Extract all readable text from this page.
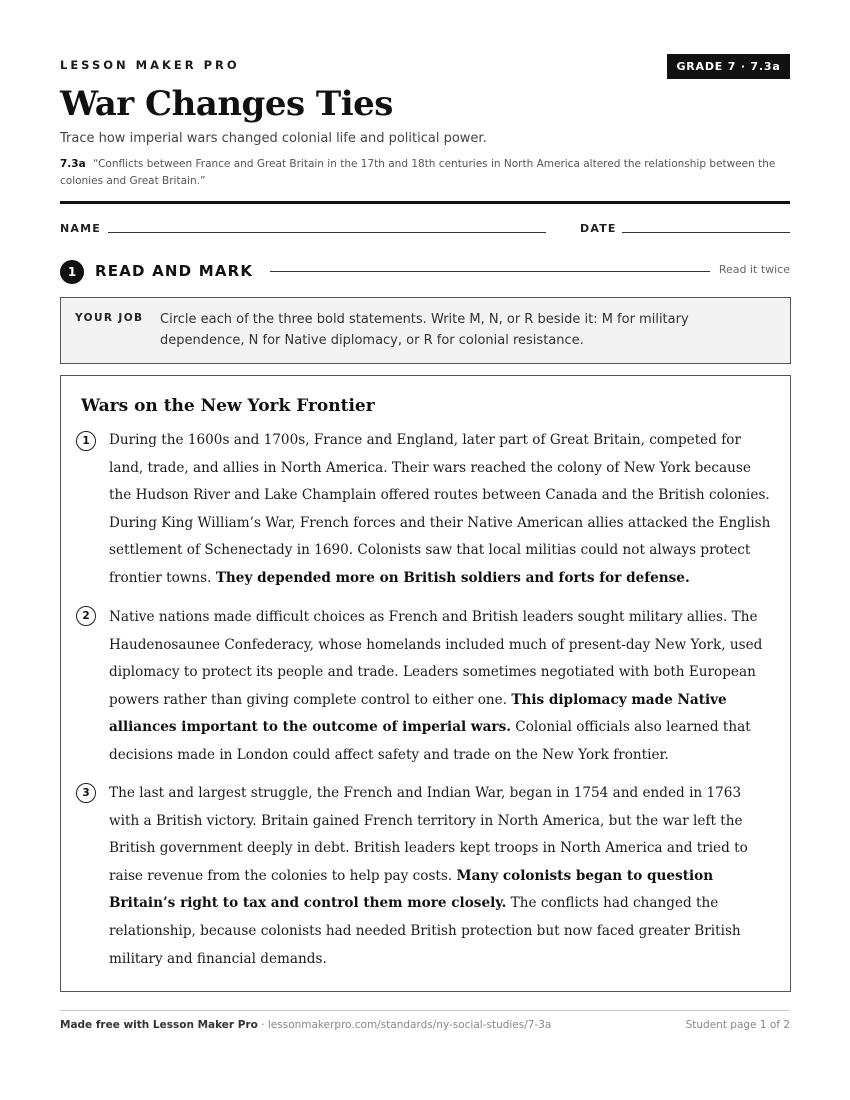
LESSON MAKER PRO	GRADE 7 · 7.3a
War Changes Ties

Trace how imperial wars changed colonial life and political power.

7.3a “Conflicts between France and Great Britain in the 17th and 18th centuries in North America altered the relationship between the colonies and Great Britain.”

NAME	DATE
1	READ AND MARK	Read it twice
YOUR JOB Circle each of the three bold statements. Write M, N, or R beside it: M for military dependence, N for Native diplomacy, or R for colonial resistance.
Wars on the New York Frontier
1	During the 1600s and 1700s, France and England, later part of Great Britain, competed for land, trade, and allies in North America. Their wars reached the colony of New York because the Hudson River and Lake Champlain offered routes between Canada and the British colonies. During King William’s War, French forces and their Native American allies attacked the English settlement of Schenectady in 1690. Colonists saw that local militias could not always protect frontier towns. They depended more on British soldiers and forts for defense.

2	Native nations made difficult choices as French and British leaders sought military allies. The Haudenosaunee Confederacy, whose homelands included much of present-day New York, used diplomacy to protect its people and trade. Leaders sometimes negotiated with both European powers rather than giving complete control to either one. This diplomacy made Native alliances important to the outcome of imperial wars. Colonial officials also learned that decisions made in London could affect safety and trade on the New York frontier.

3	The last and largest struggle, the French and Indian War, began in 1754 and ended in 1763 with a British victory. Britain gained French territory in North America, but the war left the British government deeply in debt. British leaders kept troops in North America and tried to raise revenue from the colonies to help pay costs. Many colonists began to question Britain’s right to tax and control them more closely. The conflicts had changed the relationship, because colonists had needed British protection but now faced greater British military and financial demands.

Made free with Lesson Maker Pro · lessonmakerpro.com/standards/ny-social-studies/7-3a	Student page 1 of 2
